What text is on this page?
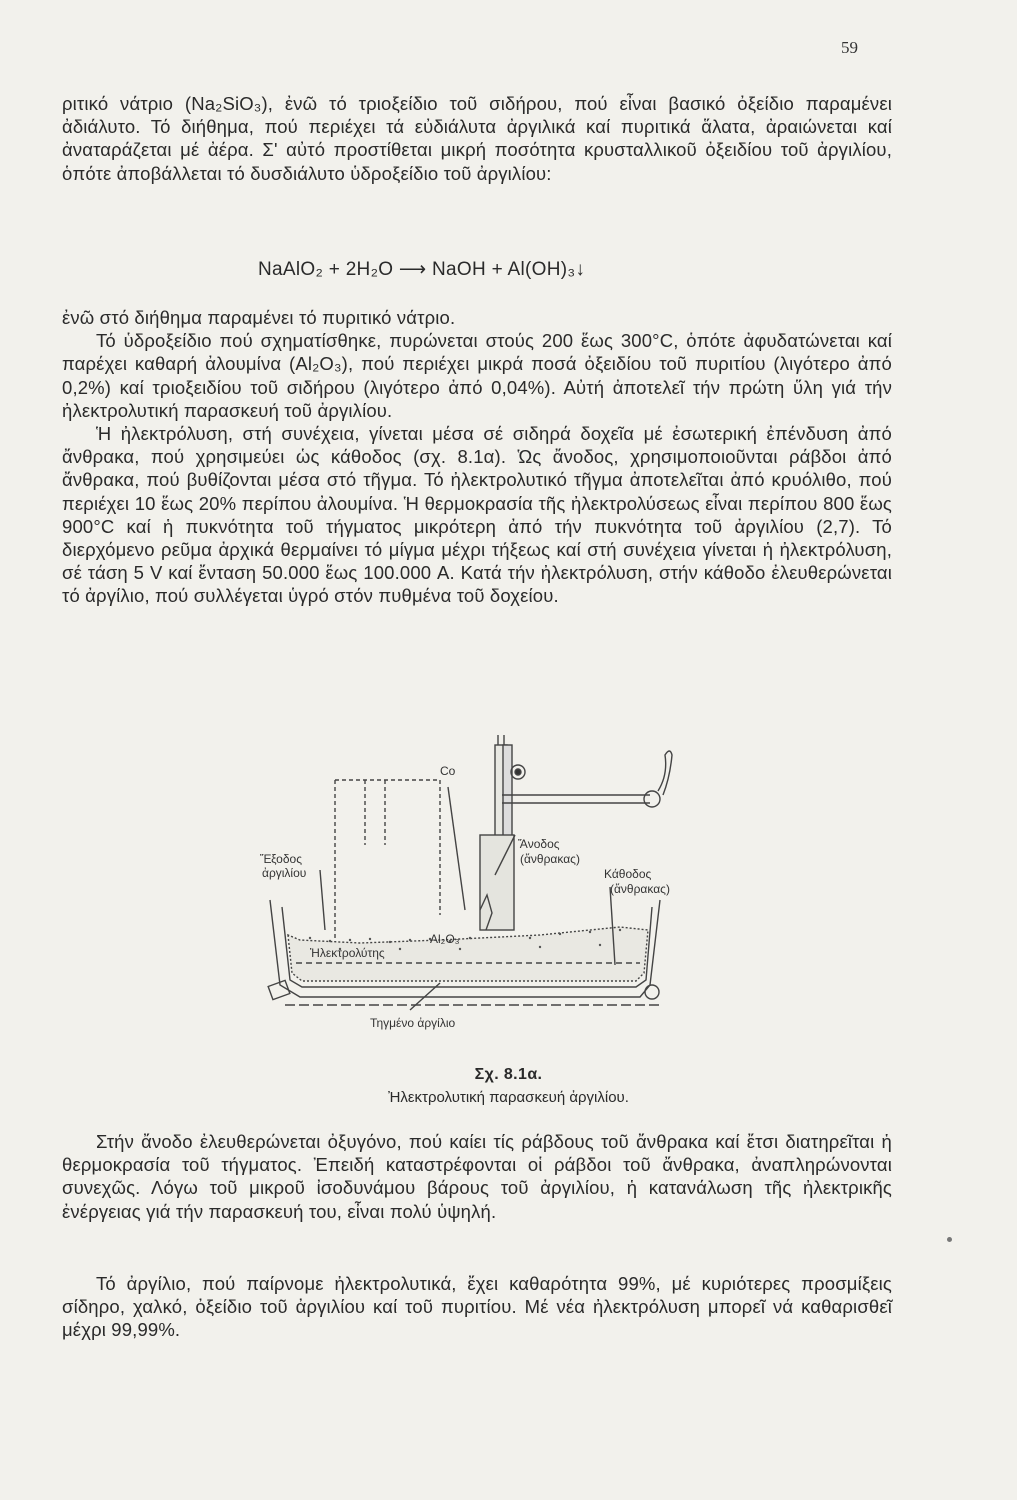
59

ριτικό νάτριο (Na₂SiO₃), ἐνῶ τό τριοξείδιο τοῦ σιδήρου, πού εἶναι βασικό ὀξείδιο παραμένει ἀδιάλυτο. Τό διήθημα, πού περιέχει τά εὐδιάλυτα ἀργιλικά καί πυριτικά ἅλατα, ἀραιώνεται καί ἀναταράζεται μέ ἀέρα. Σ' αὐτό προστίθεται μικρή ποσότητα κρυσταλλικοῦ ὀξειδίου τοῦ ἀργιλίου, ὁπότε ἀποβάλλεται τό δυσδιάλυτο ὑδροξείδιο τοῦ ἀργιλίου:

NaAlO₂ + 2H₂O ⟶ NaOH + Al(OH)₃↓

ἐνῶ στό διήθημα παραμένει τό πυριτικό νάτριο.

Τό ὑδροξείδιο πού σχηματίσθηκε, πυρώνεται στούς 200 ἕως 300°C, ὁπότε ἀφυδατώνεται καί παρέχει καθαρή ἀλουμίνα (Al₂O₃), πού περιέχει μικρά ποσά ὀξειδίου τοῦ πυριτίου (λιγότερο ἀπό 0,2%) καί τριοξειδίου τοῦ σιδήρου (λιγότερο ἀπό 0,04%). Αὐτή ἀποτελεῖ τήν πρώτη ὕλη γιά τήν ἠλεκτρολυτική παρασκευή τοῦ ἀργιλίου.

Ἡ ἠλεκτρόλυση, στή συνέχεια, γίνεται μέσα σέ σιδηρά δοχεῖα μέ ἐσωτερική ἐπένδυση ἀπό ἄνθρακα, πού χρησιμεύει ὡς κάθοδος (σχ. 8.1α). Ὡς ἄνοδος, χρησιμοποιοῦνται ράβδοι ἀπό ἄνθρακα, πού βυθίζονται μέσα στό τῆγμα. Τό ἠλεκτρολυτικό τῆγμα ἀποτελεῖται ἀπό κρυόλιθο, πού περιέχει 10 ἕως 20% περίπου ἀλουμίνα. Ἡ θερμοκρασία τῆς ἠλεκτρολύσεως εἶναι περίπου 800 ἕως 900°C καί ἡ πυκνότητα τοῦ τήγματος μικρότερη ἀπό τήν πυκνότητα τοῦ ἀργιλίου (2,7). Τό διερχόμενο ρεῦμα ἀρχικά θερμαίνει τό μίγμα μέχρι τήξεως καί στή συνέχεια γίνεται ἡ ἠλεκτρόλυση, σέ τάση 5 V καί ἔνταση 50.000 ἕως 100.000 A. Κατά τήν ἠλεκτρόλυση, στήν κάθοδο ἐλευθερώνεται τό ἀργίλιο, πού συλλέγεται ὑγρό στόν πυθμένα τοῦ δοχείου.

Co
Ἄνοδος
(ἄνθρακας)
Κάθοδος
(ἄνθρακας)
Ἔξοδος
ἀργιλίου
Ἠλεκτρολύτης
Al₂O₃
Τηγμένο ἀργίλιο
Σχ. 8.1α.
Ἠλεκτρολυτική παρασκευή ἀργιλίου.

Στήν ἄνοδο ἐλευθερώνεται ὀξυγόνο, πού καίει τίς ράβδους τοῦ ἄνθρακα καί ἔτσι διατηρεῖται ἡ θερμοκρασία τοῦ τήγματος. Ἐπειδή καταστρέφονται οἱ ράβδοι τοῦ ἄνθρακα, ἀναπληρώνονται συνεχῶς. Λόγω τοῦ μικροῦ ἰσοδυνάμου βάρους τοῦ ἀργιλίου, ἡ κατανάλωση τῆς ἠλεκτρικῆς ἐνέργειας γιά τήν παρασκευή του, εἶναι πολύ ὑψηλή.

Τό ἀργίλιο, πού παίρνομε ἠλεκτρολυτικά, ἔχει καθαρότητα 99%, μέ κυριότερες προσμίξεις σίδηρο, χαλκό, ὀξείδιο τοῦ ἀργιλίου καί τοῦ πυριτίου. Μέ νέα ἠλεκτρόλυση μπορεῖ νά καθαρισθεῖ μέχρι 99,99%.
